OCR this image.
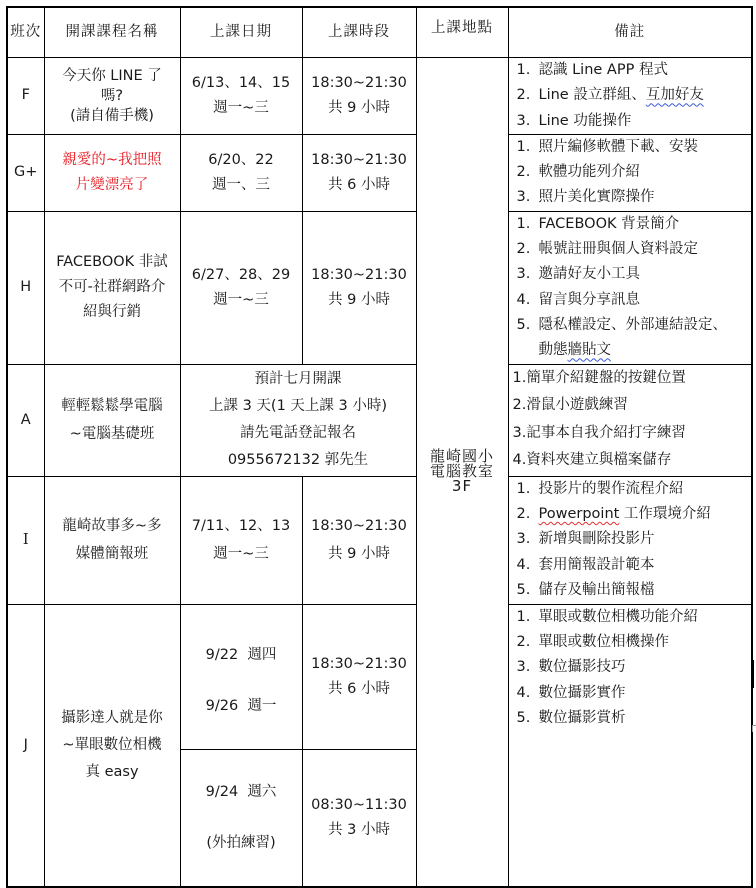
班次	開課課程名稱	上課日期	上課時段	上課地點	備註
F	
今天你 LINE 了
嗎?
(請自備手機)

6/13、14、15
週一~三

18:30~21:30
共 9 小時

龍崎國小
電腦教室
3F

1. 認識 Line APP 程式
2. Line 設立群組、互加好友
3. Line 功能操作

G+	
親愛的~我把照
片變漂亮了

6/20、22
週一、三

18:30~21:30
共 6 小時

1. 照片編修軟體下載、安裝
2. 軟體功能列介紹
3. 照片美化實際操作

H	
FACEBOOK 非試
不可-社群網路介
紹與行銷

6/27、28、29
週一~三

18:30~21:30
共 9 小時

1. FACEBOOK 背景簡介
2. 帳號註冊與個人資料設定
3. 邀請好友小工具
4. 留言與分享訊息
5. 隱私權設定、外部連結設定、
動態牆貼文

A	
輕輕鬆鬆學電腦
~電腦基礎班

預計七月開課
上課 3 天(1 天上課 3 小時)
請先電話登記報名
0955672132 郭先生

1.簡單介紹鍵盤的按鍵位置
2.滑鼠小遊戲練習
3.記事本自我介紹打字練習
4.資料夾建立與檔案儲存

I	
龍崎故事多~多
媒體簡報班

7/11、12、13
週一~三

18:30~21:30
共 9 小時

1. 投影片的製作流程介紹
2. Powerpoint 工作環境介紹
3. 新增與刪除投影片
4. 套用簡報設計範本
5. 儲存及輸出簡報檔

J	
攝影達人就是你
~單眼數位相機
真 easy

9/22  週四

9/26  週一

18:30~21:30
共 6 小時

1. 單眼或數位相機功能介紹
2. 單眼或數位相機操作
3. 數位攝影技巧
4. 數位攝影實作
5. 數位攝影賞析

9/24  週六

(外拍練習)

08:30~11:30
共 3 小時
